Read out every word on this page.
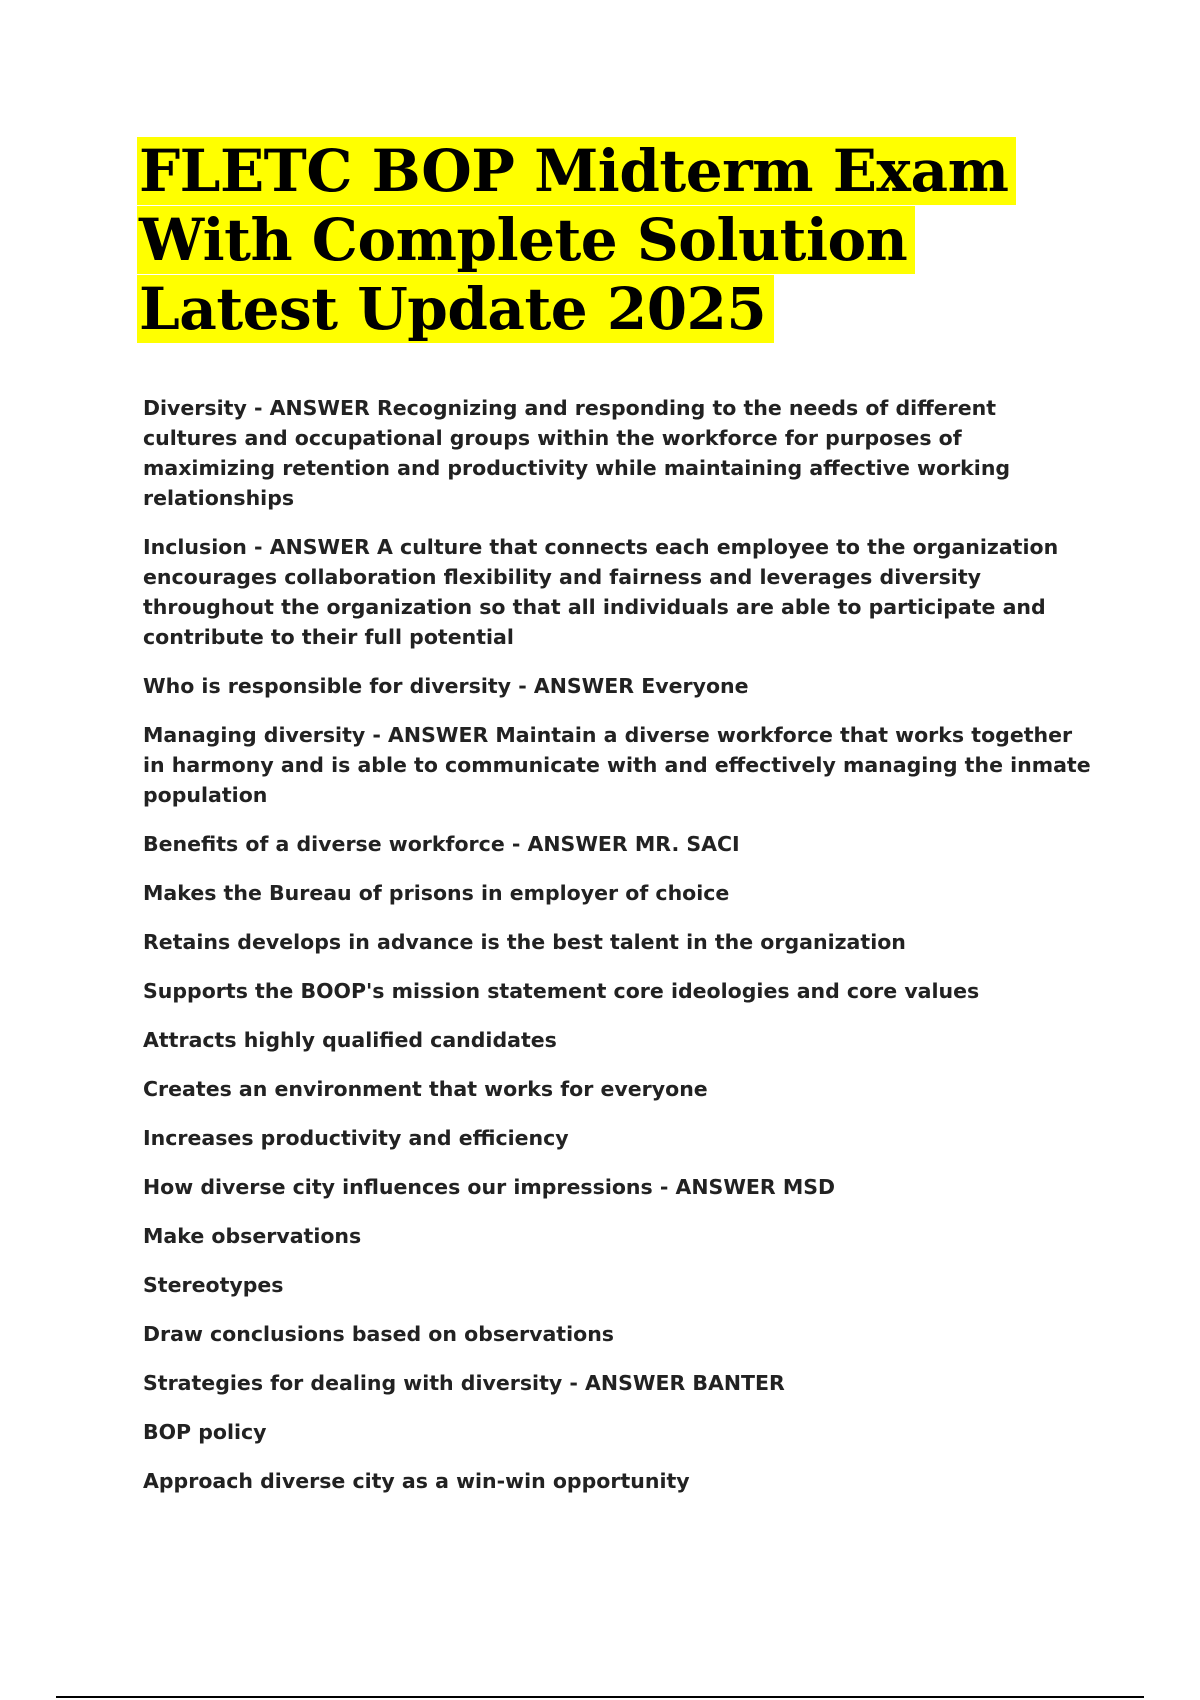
FLETC BOP Midterm Exam With Complete Solution Latest Update 2025

Diversity - ANSWER Recognizing and responding to the needs of different cultures and occupational groups within the workforce for purposes of maximizing retention and productivity while maintaining affective working relationships

Inclusion - ANSWER A culture that connects each employee to the organization encourages collaboration flexibility and fairness and leverages diversity throughout the organization so that all individuals are able to participate and contribute to their full potential

Who is responsible for diversity - ANSWER Everyone

Managing diversity - ANSWER Maintain a diverse workforce that works together in harmony and is able to communicate with and effectively managing the inmate population

Benefits of a diverse workforce - ANSWER MR. SACI

Makes the Bureau of prisons in employer of choice

Retains develops in advance is the best talent in the organization

Supports the BOOP's mission statement core ideologies and core values

Attracts highly qualified candidates

Creates an environment that works for everyone

Increases productivity and efficiency

How diverse city influences our impressions - ANSWER MSD

Make observations

Stereotypes

Draw conclusions based on observations

Strategies for dealing with diversity - ANSWER BANTER

BOP policy

Approach diverse city as a win-win opportunity
